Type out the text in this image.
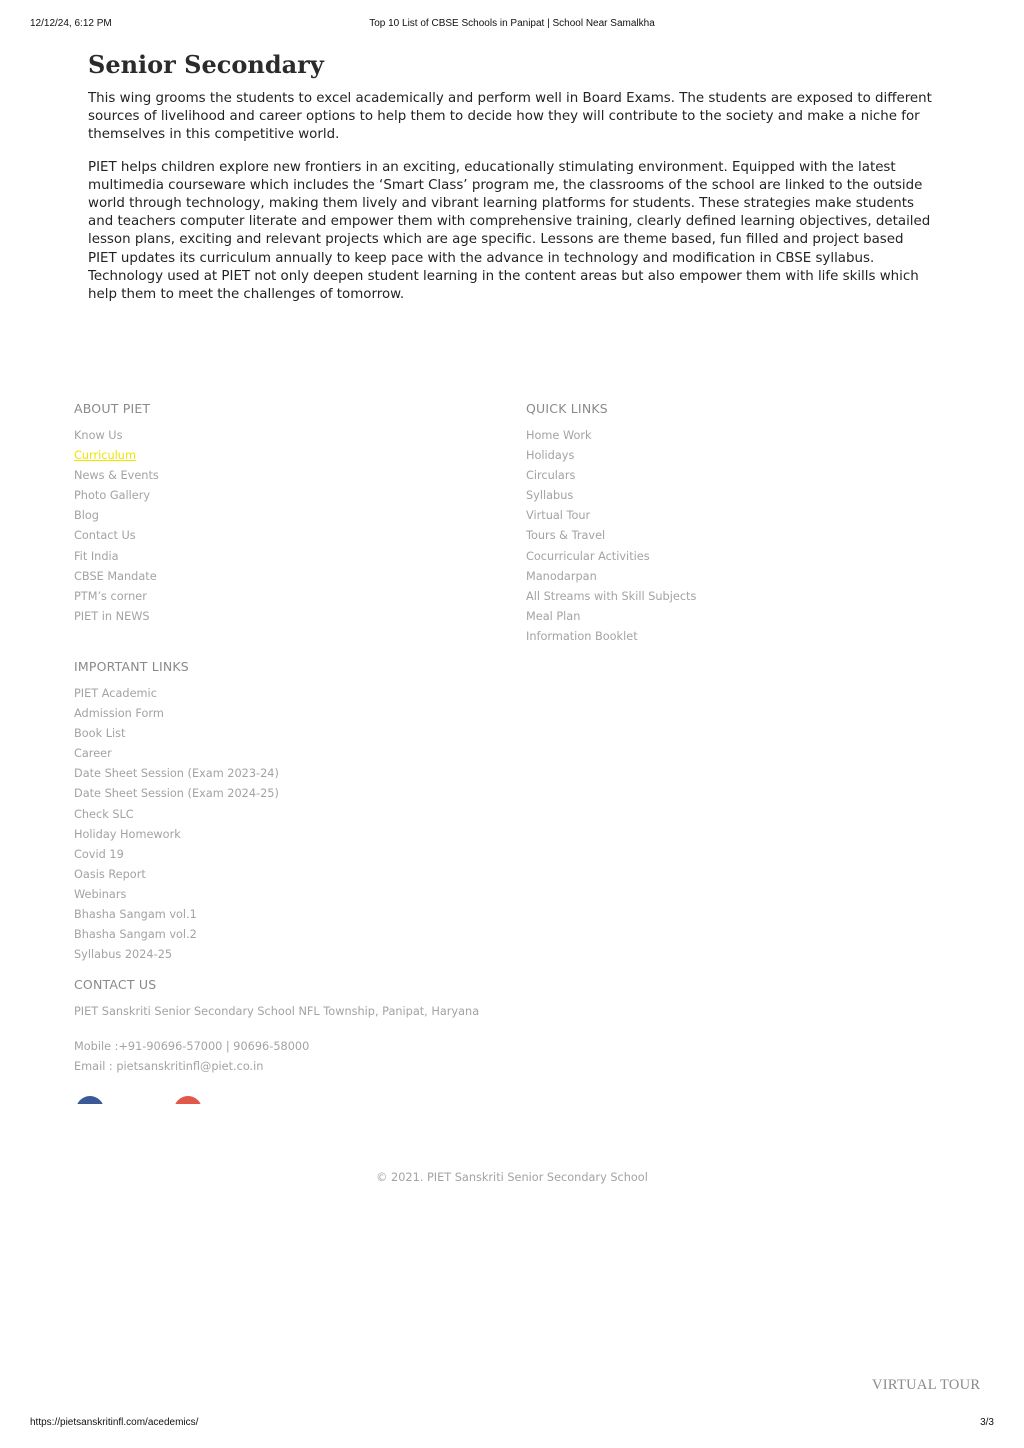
12/12/24, 6:12 PM	Top 10 List of CBSE Schools in Panipat | School Near Samalkha
Senior Secondary

This wing grooms the students to excel academically and perform well in Board Exams. The students are exposed to different sources of livelihood and career options to help them to decide how they will contribute to the society and make a niche for themselves in this competitive world.

PIET helps children explore new frontiers in an exciting, educationally stimulating environment. Equipped with the latest multimedia courseware which includes the ‘Smart Class’ program me, the classrooms of the school are linked to the outside world through technology, making them lively and vibrant learning platforms for students. These strategies make students and teachers computer literate and empower them with comprehensive training, clearly defined learning objectives, detailed lesson plans, exciting and relevant projects which are age specific. Lessons are theme based, fun filled and project based PIET updates its curriculum annually to keep pace with the advance in technology and modification in CBSE syllabus. Technology used at PIET not only deepen student learning in the content areas but also empower them with life skills which help them to meet the challenges of tomorrow.

ABOUT PIET
Know Us
Curriculum
News & Events
Photo Gallery
Blog
Contact Us
Fit India
CBSE Mandate
PTM’s corner
PIET in NEWS
QUICK LINKS
Home Work
Holidays
Circulars
Syllabus
Virtual Tour
Tours & Travel
Cocurricular Activities
Manodarpan
All Streams with Skill Subjects
Meal Plan
Information Booklet
IMPORTANT LINKS
PIET Academic
Admission Form
Book List
Career
Date Sheet Session (Exam 2023-24)
Date Sheet Session (Exam 2024-25)
Check SLC
Holiday Homework
Covid 19
Oasis Report
Webinars
Bhasha Sangam vol.1
Bhasha Sangam vol.2
Syllabus 2024-25
CONTACT US
PIET Sanskriti Senior Secondary School NFL Township, Panipat, Haryana
Mobile :+91-90696-57000 | 90696-58000
Email : pietsanskritinfl@piet.co.in
© 2021. PIET Sanskriti Senior Secondary School
VIRTUAL TOUR
https://pietsanskritinfl.com/acedemics/	3/3
